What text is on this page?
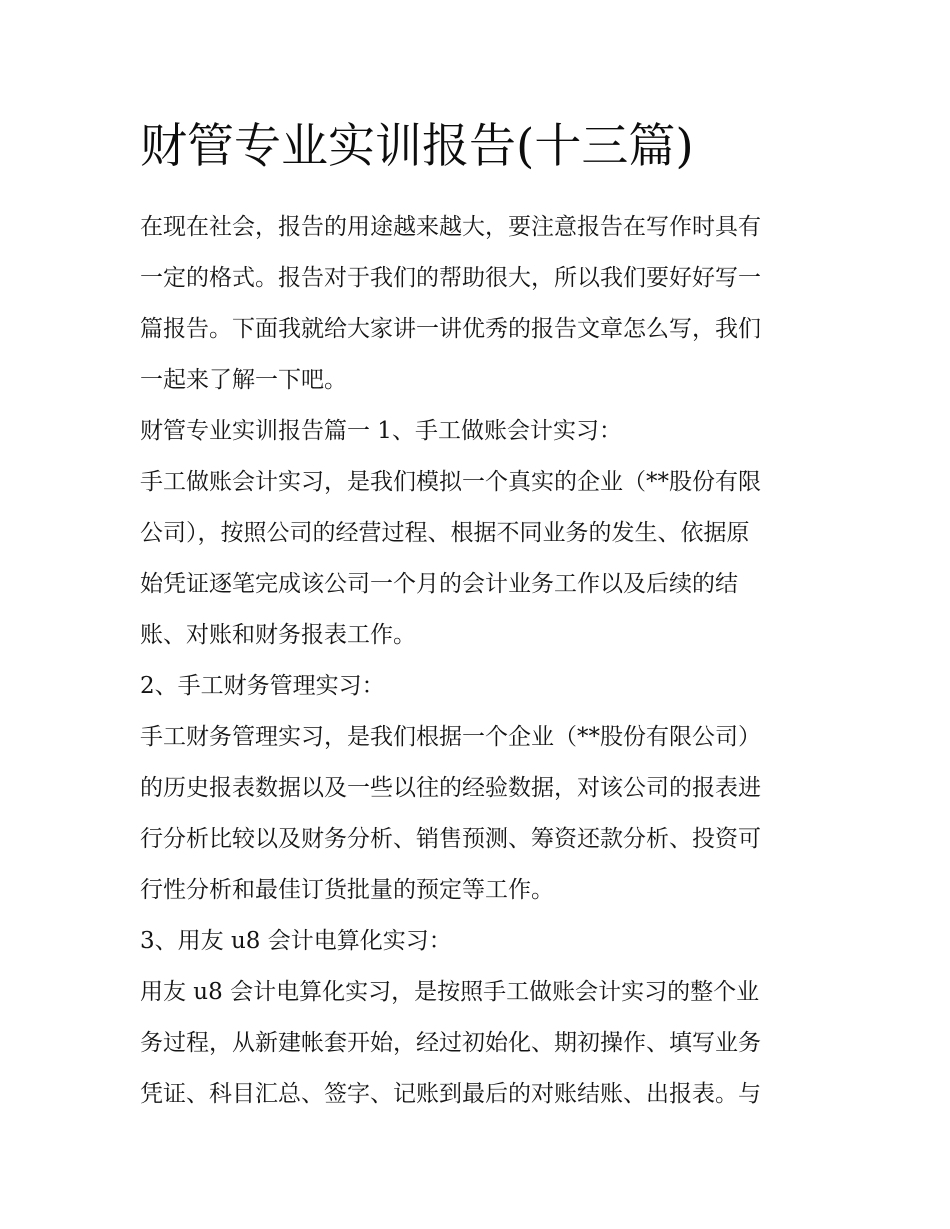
财管专业实训报告(十三篇)
在现在社会，报告的用途越来越大，要注意报告在写作时具有
一定的格式。报告对于我们的帮助很大，所以我们要好好写一
篇报告。下面我就给大家讲一讲优秀的报告文章怎么写，我们
一起来了解一下吧。
财管专业实训报告篇一 1、手工做账会计实习：
手工做账会计实习，是我们模拟一个真实的企业（**股份有限
公司），按照公司的经营过程、根据不同业务的发生、依据原
始凭证逐笔完成该公司一个月的会计业务工作以及后续的结
账、对账和财务报表工作。
2、手工财务管理实习：
手工财务管理实习，是我们根据一个企业（**股份有限公司）
的历史报表数据以及一些以往的经验数据，对该公司的报表进
行分析比较以及财务分析、销售预测、筹资还款分析、投资可
行性分析和最佳订货批量的预定等工作。
3、用友 u8 会计电算化实习：
用友 u8 会计电算化实习，是按照手工做账会计实习的整个业
务过程，从新建帐套开始，经过初始化、期初操作、填写业务
凭证、科目汇总、签字、记账到最后的对账结账、出报表。与
